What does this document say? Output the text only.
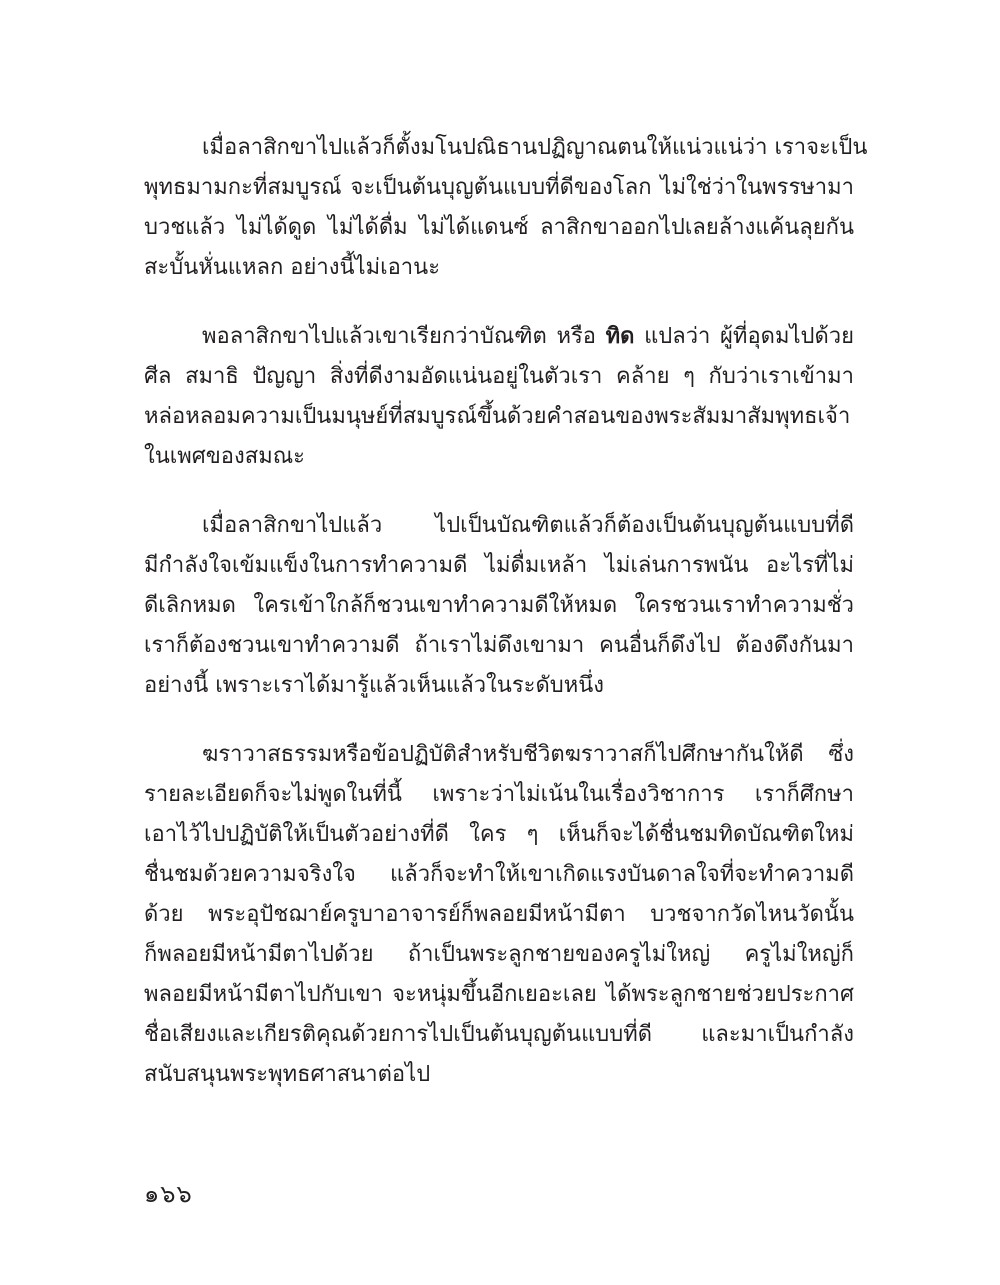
เมื่อลาสิกขาไปแล้วก็ตั้งมโนปณิธานปฏิญาณตนให้แน่วแน่ว่า เราจะเป็น
พุทธมามกะที่สมบูรณ์ จะเป็นต้นบุญต้นแบบที่ดีของโลก ไม่ใช่ว่าในพรรษามา
บวชแล้ว ไม่ได้ดูด ไม่ได้ดื่ม ไม่ได้แดนซ์ ลาสิกขาออกไปเลยล้างแค้นลุยกัน
สะบั้นหั่นแหลก อย่างนี้ไม่เอานะ
พอลาสิกขาไปแล้วเขาเรียกว่าบัณฑิต หรือ ทิด แปลว่า ผู้ที่อุดมไปด้วย
ศีล สมาธิ ปัญญา สิ่งที่ดีงามอัดแน่นอยู่ในตัวเรา คล้าย ๆ กับว่าเราเข้ามา
หล่อหลอมความเป็นมนุษย์ที่สมบูรณ์ขึ้นด้วยคำสอนของพระสัมมาสัมพุทธเจ้า
ในเพศของสมณะ
เมื่อลาสิกขาไปแล้ว ไปเป็นบัณฑิตแล้วก็ต้องเป็นต้นบุญต้นแบบที่ดี
มีกำลังใจเข้มแข็งในการทำความดี ไม่ดื่มเหล้า ไม่เล่นการพนัน อะไรที่ไม่
ดีเลิกหมด ใครเข้าใกล้ก็ชวนเขาทำความดีให้หมด ใครชวนเราทำความชั่ว
เราก็ต้องชวนเขาทำความดี ถ้าเราไม่ดึงเขามา คนอื่นก็ดึงไป ต้องดึงกันมา
อย่างนี้ เพราะเราได้มารู้แล้วเห็นแล้วในระดับหนึ่ง
ฆราวาสธรรมหรือข้อปฏิบัติสำหรับชีวิตฆราวาสก็ไปศึกษากันให้ดี ซึ่ง
รายละเอียดก็จะไม่พูดในที่นี้ เพราะว่าไม่เน้นในเรื่องวิชาการ เราก็ศึกษา
เอาไว้ไปปฏิบัติให้เป็นตัวอย่างที่ดี ใคร ๆ เห็นก็จะได้ชื่นชมทิดบัณฑิตใหม่
ชื่นชมด้วยความจริงใจ แล้วก็จะทำให้เขาเกิดแรงบันดาลใจที่จะทำความดี
ด้วย พระอุปัชฌาย์ครูบาอาจารย์ก็พลอยมีหน้ามีตา บวชจากวัดไหนวัดนั้น
ก็พลอยมีหน้ามีตาไปด้วย ถ้าเป็นพระลูกชายของครูไม่ใหญ่ ครูไม่ใหญ่ก็
พลอยมีหน้ามีตาไปกับเขา จะหนุ่มขึ้นอีกเยอะเลย ได้พระลูกชายช่วยประกาศ
ชื่อเสียงและเกียรติคุณด้วยการไปเป็นต้นบุญต้นแบบที่ดี และมาเป็นกำลัง
สนับสนุนพระพุทธศาสนาต่อไป
๑๖๖
